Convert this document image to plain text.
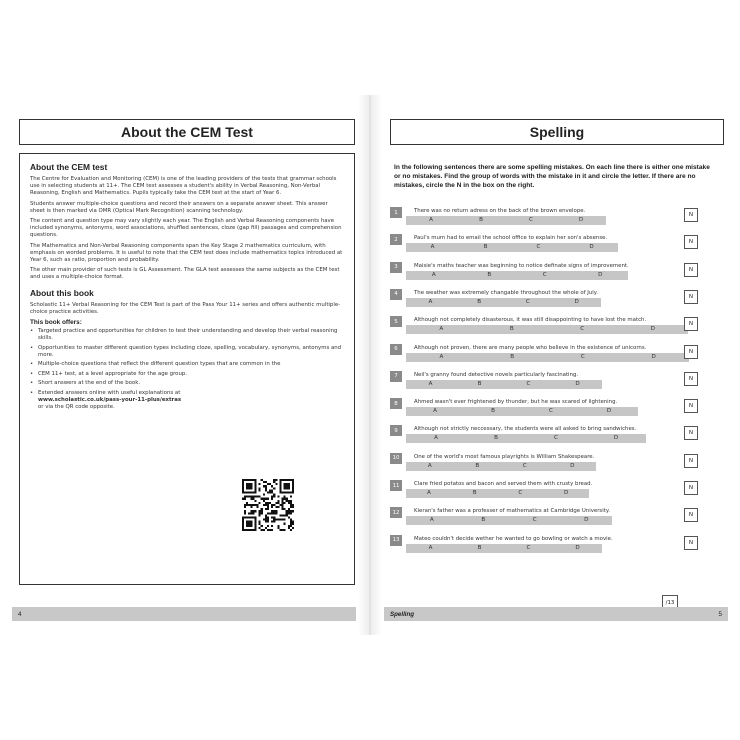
About the CEM Test
About the CEM test

The Centre for Evaluation and Monitoring (CEM) is one of the leading providers of the tests that grammar schools use in selecting students at 11+. The CEM test assesses a student's ability in Verbal Reasoning, Non-Verbal Reasoning, English and Mathematics. Pupils typically take the CEM test at the start of Year 6.

Students answer multiple-choice questions and record their answers on a separate answer sheet. This answer sheet is then marked via OMR (Optical Mark Recognition) scanning technology.

The content and question type may vary slightly each year. The English and Verbal Reasoning components have included synonyms, antonyms, word associations, shuffled sentences, cloze (gap fill) passages and comprehension questions.

The Mathematics and Non-Verbal Reasoning components span the Key Stage 2 mathematics curriculum, with emphasis on worded problems. It is useful to note that the CEM test does include mathematics topics introduced at Year 6, such as ratio, proportion and probability.

The other main provider of such tests is GL Assessment. The GLA test assesses the same subjects as the CEM test and uses a multiple-choice format.

About this book

Scholastic 11+ Verbal Reasoning for the CEM Test is part of the Pass Your 11+ series and offers authentic multiple-choice practice activities.

This book offers:
• Targeted practice and opportunities for children to test their understanding and develop their verbal reasoning skills.
• Opportunities to master different question types including cloze, spelling, vocabulary, synonyms, antonyms and more.
• Multiple-choice questions that reflect the different question types that are common in the
• CEM 11+ test, at a level appropriate for the age group.
• Short answers at the end of the book.
• Extended answers online with useful explanations at
www.scholastic.co.uk/pass-your-11-plus/extras
or via the QR code opposite.
4
Spelling
In the following sentences there are some spelling mistakes. On each line there is either one mistake or no mistakes. Find the group of words with the mistake in it and circle the letter. If there are no mistakes, circle the N in the box on the right.
1	There was no return adress on the back of the brown envelope.
A	B	C	D
N
2	Paul's mum had to email the school office to explain her son's absense.
A	B	C	D
N
3	Maisie's maths teacher was beginning to notice definate signs of improvement.
A	B	C	D
N
4	The weather was extremely changable throughout the whole of July.
A	B	C	D
N
5	Although not completely disasterous, it was still disappointing to have lost the match.
A	B	C	D
N
6	Although not proven, there are many people who believe in the existence of unicorns.
A	B	C	D
N
7	Neil's granny found detective novels particularly fascinating.
A	B	C	D
N
8	Ahmed wasn't ever frightened by thunder, but he was scared of lightening.
A	B	C	D
N
9	Although not strictly neccessary, the students were all asked to bring sandwiches.
A	B	C	D
N
10	One of the world's most famous playrights is William Shakespeare.
A	B	C	D
N
11	Clare fried potatos and bacon and served them with crusty bread.
A	B	C	D
N
12	Kieran's father was a professer of mathematics at Cambridge University.
A	B	C	D
N
13	Mateo couldn't decide wether he wanted to go bowling or watch a movie.
A	B	C	D
N
/13
Spelling	5
